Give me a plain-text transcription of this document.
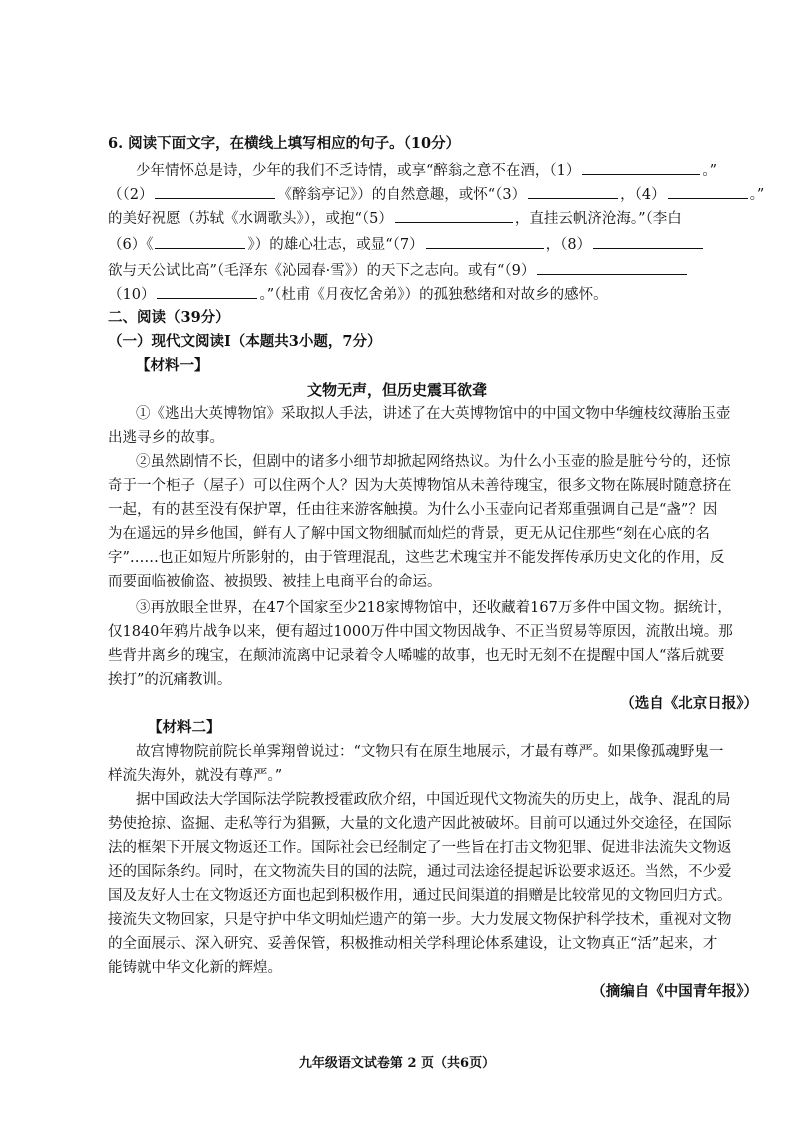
6. 阅读下面文字，在横线上填写相应的句子。（10分）
少年情怀总是诗，少年的我们不乏诗情，或享“醉翁之意不在酒，（1）	。”
（（2）	《醉翁亭记》）的自然意趣，或怀“（3）	，（4）	。”
的美好祝愿（苏轼《水调歌头》），或抱“（5）	，直挂云帆济沧海。”（李白
（6）《	》）的雄心壮志，或显“（7）	，（8）
欲与天公试比高”（毛泽东《沁园春·雪》）的天下之志向。或有“（9）
（10）	。”（杜甫《月夜忆舍弟》）的孤独愁绪和对故乡的感怀。
二、阅读（39分）
（一）现代文阅读Ⅰ（本题共3小题，7分）
【材料一】
文物无声，但历史震耳欲聋
①《逃出大英博物馆》采取拟人手法，讲述了在大英博物馆中的中国文物中华缠枝纹薄胎玉壶
出逃寻乡的故事。
②虽然剧情不长，但剧中的诸多小细节却掀起网络热议。为什么小玉壶的脸是脏兮兮的，还惊
奇于一个柜子（屋子）可以住两个人？因为大英博物馆从未善待瑰宝，很多文物在陈展时随意挤在
一起，有的甚至没有保护罩，任由往来游客触摸。为什么小玉壶向记者郑重强调自己是“盏”？因
为在遥远的异乡他国，鲜有人了解中国文物细腻而灿烂的背景，更无从记住那些“刻在心底的名
字”……也正如短片所影射的，由于管理混乱，这些艺术瑰宝并不能发挥传承历史文化的作用，反
而要面临被偷盗、被损毁、被挂上电商平台的命运。
③再放眼全世界，在47个国家至少218家博物馆中，还收藏着167万多件中国文物。据统计，
仅1840年鸦片战争以来，便有超过1000万件中国文物因战争、不正当贸易等原因，流散出境。那
些背井离乡的瑰宝，在颠沛流离中记录着令人唏嘘的故事，也无时无刻不在提醒中国人“落后就要
挨打”的沉痛教训。
（选自《北京日报》）
【材料二】
故宫博物院前院长单霁翔曾说过：“文物只有在原生地展示，才最有尊严。如果像孤魂野鬼一
样流失海外，就没有尊严。”
据中国政法大学国际法学院教授霍政欣介绍，中国近现代文物流失的历史上，战争、混乱的局
势使抢掠、盗掘、走私等行为猖獗，大量的文化遗产因此被破坏。目前可以通过外交途径，在国际
法的框架下开展文物返还工作。国际社会已经制定了一些旨在打击文物犯罪、促进非法流失文物返
还的国际条约。同时，在文物流失目的国的法院，通过司法途径提起诉讼要求返还。当然，不少爱
国及友好人士在文物返还方面也起到积极作用，通过民间渠道的捐赠是比较常见的文物回归方式。
接流失文物回家，只是守护中华文明灿烂遗产的第一步。大力发展文物保护科学技术，重视对文物
的全面展示、深入研究、妥善保管，积极推动相关学科理论体系建设，让文物真正“活”起来，才
能铸就中华文化新的辉煌。
（摘编自《中国青年报》）
九年级语文试卷第 2 页（共6页）
